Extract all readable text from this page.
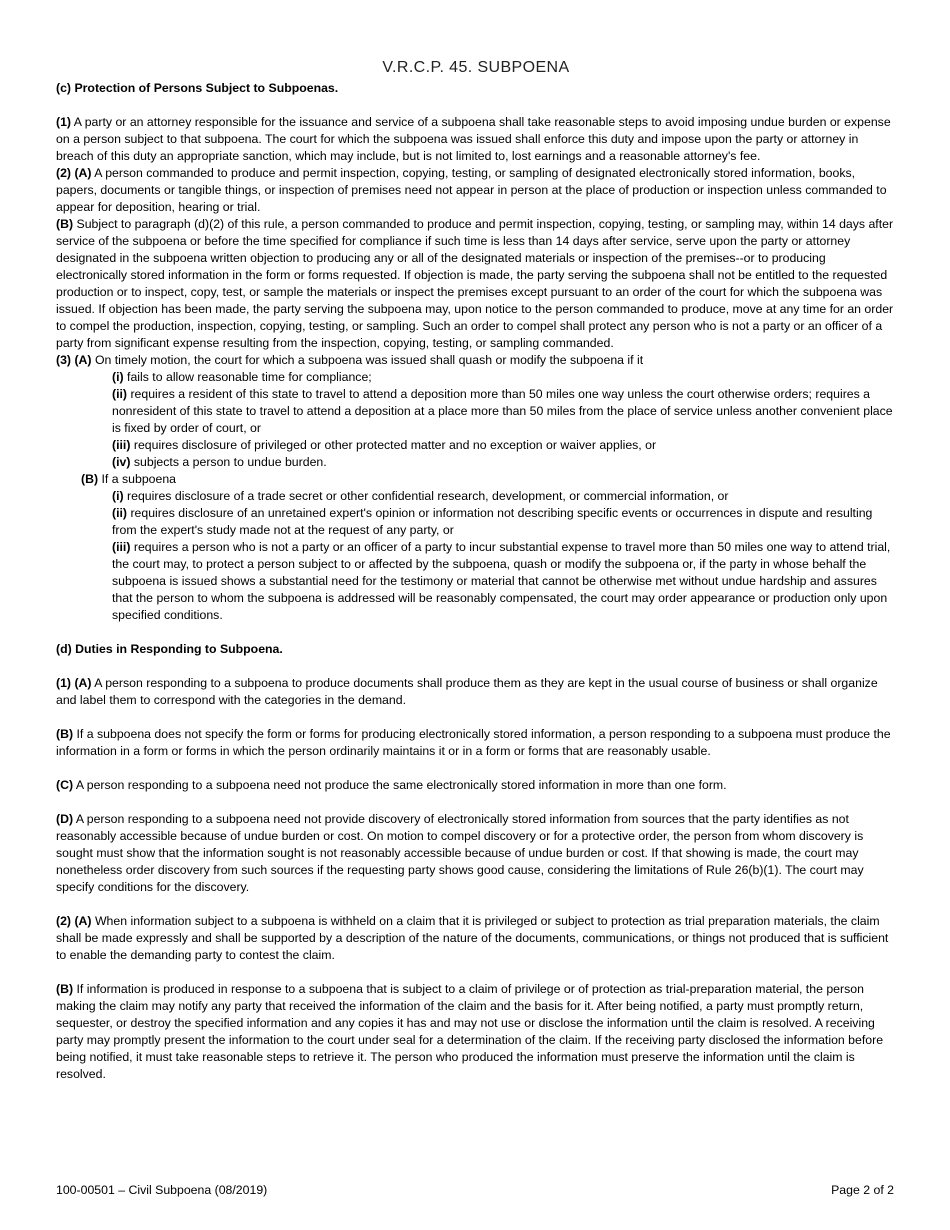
V.R.C.P. 45. SUBPOENA

(c) Protection of Persons Subject to Subpoenas.

(1) A party or an attorney responsible for the issuance and service of a subpoena shall take reasonable steps to avoid imposing undue burden or expense on a person subject to that subpoena. The court for which the subpoena was issued shall enforce this duty and impose upon the party or attorney in breach of this duty an appropriate sanction, which may include, but is not limited to, lost earnings and a reasonable attorney's fee.

(2) (A) A person commanded to produce and permit inspection, copying, testing, or sampling of designated electronically stored information, books, papers, documents or tangible things, or inspection of premises need not appear in person at the place of production or inspection unless commanded to appear for deposition, hearing or trial.

(B) Subject to paragraph (d)(2) of this rule, a person commanded to produce and permit inspection, copying, testing, or sampling may, within 14 days after service of the subpoena or before the time specified for compliance if such time is less than 14 days after service, serve upon the party or attorney designated in the subpoena written objection to producing any or all of the designated materials or inspection of the premises--or to producing electronically stored information in the form or forms requested. If objection is made, the party serving the subpoena shall not be entitled to the requested production or to inspect, copy, test, or sample the materials or inspect the premises except pursuant to an order of the court for which the subpoena was issued. If objection has been made, the party serving the subpoena may, upon notice to the person commanded to produce, move at any time for an order to compel the production, inspection, copying, testing, or sampling. Such an order to compel shall protect any person who is not a party or an officer of a party from significant expense resulting from the inspection, copying, testing, or sampling commanded.

(3) (A) On timely motion, the court for which a subpoena was issued shall quash or modify the subpoena if it

(i) fails to allow reasonable time for compliance;

(ii) requires a resident of this state to travel to attend a deposition more than 50 miles one way unless the court otherwise orders; requires a nonresident of this state to travel to attend a deposition at a place more than 50 miles from the place of service unless another convenient place is fixed by order of court, or

(iii) requires disclosure of privileged or other protected matter and no exception or waiver applies, or

(iv) subjects a person to undue burden.

(B) If a subpoena

(i) requires disclosure of a trade secret or other confidential research, development, or commercial information, or

(ii) requires disclosure of an unretained expert's opinion or information not describing specific events or occurrences in dispute and resulting from the expert's study made not at the request of any party, or

(iii) requires a person who is not a party or an officer of a party to incur substantial expense to travel more than 50 miles one way to attend trial, the court may, to protect a person subject to or affected by the subpoena, quash or modify the subpoena or, if the party in whose behalf the subpoena is issued shows a substantial need for the testimony or material that cannot be otherwise met without undue hardship and assures that the person to whom the subpoena is addressed will be reasonably compensated, the court may order appearance or production only upon specified conditions.

(d) Duties in Responding to Subpoena.

(1) (A) A person responding to a subpoena to produce documents shall produce them as they are kept in the usual course of business or shall organize and label them to correspond with the categories in the demand.

(B) If a subpoena does not specify the form or forms for producing electronically stored information, a person responding to a subpoena must produce the information in a form or forms in which the person ordinarily maintains it or in a form or forms that are reasonably usable.

(C) A person responding to a subpoena need not produce the same electronically stored information in more than one form.

(D) A person responding to a subpoena need not provide discovery of electronically stored information from sources that the party identifies as not reasonably accessible because of undue burden or cost. On motion to compel discovery or for a protective order, the person from whom discovery is sought must show that the information sought is not reasonably accessible because of undue burden or cost. If that showing is made, the court may nonetheless order discovery from such sources if the requesting party shows good cause, considering the limitations of Rule 26(b)(1). The court may specify conditions for the discovery.

(2) (A) When information subject to a subpoena is withheld on a claim that it is privileged or subject to protection as trial preparation materials, the claim shall be made expressly and shall be supported by a description of the nature of the documents, communications, or things not produced that is sufficient to enable the demanding party to contest the claim.

(B) If information is produced in response to a subpoena that is subject to a claim of privilege or of protection as trial-preparation material, the person making the claim may notify any party that received the information of the claim and the basis for it. After being notified, a party must promptly return, sequester, or destroy the specified information and any copies it has and may not use or disclose the information until the claim is resolved. A receiving party may promptly present the information to the court under seal for a determination of the claim. If the receiving party disclosed the information before being notified, it must take reasonable steps to retrieve it. The person who produced the information must preserve the information until the claim is resolved.

100-00501 – Civil Subpoena (08/2019)	Page 2 of 2
